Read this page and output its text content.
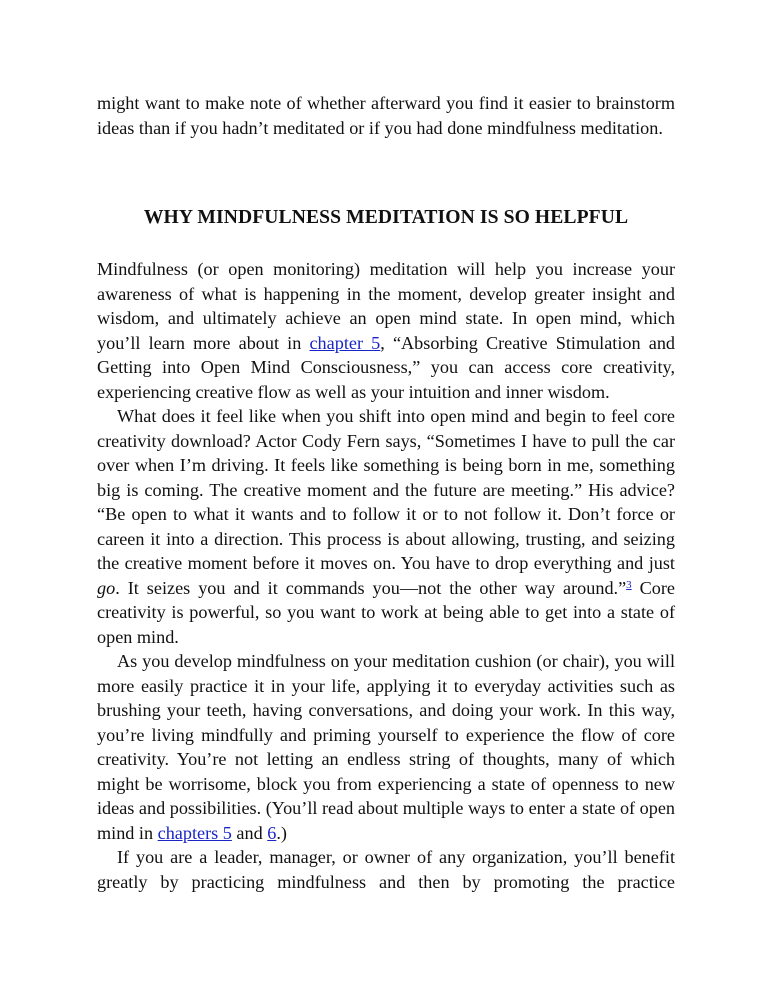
might want to make note of whether afterward you find it easier to brainstorm ideas than if you hadn’t meditated or if you had done mindfulness meditation.

WHY MINDFULNESS MEDITATION IS SO HELPFUL

Mindfulness (or open monitoring) meditation will help you increase your awareness of what is happening in the moment, develop greater insight and wisdom, and ultimately achieve an open mind state. In open mind, which you’ll learn more about in chapter 5, “Absorbing Creative Stimulation and Getting into Open Mind Consciousness,” you can access core creativity, experiencing creative flow as well as your intuition and inner wisdom.

What does it feel like when you shift into open mind and begin to feel core creativity download? Actor Cody Fern says, “Sometimes I have to pull the car over when I’m driving. It feels like something is being born in me, something big is coming. The creative moment and the future are meeting.” His advice? “Be open to what it wants and to follow it or to not follow it. Don’t force or careen it into a direction. This process is about allowing, trusting, and seizing the creative moment before it moves on. You have to drop everything and just go. It seizes you and it commands you—not the other way around.”$^3$ Core creativity is powerful, so you want to work at being able to get into a state of open mind.

As you develop mindfulness on your meditation cushion (or chair), you will more easily practice it in your life, applying it to everyday activities such as brushing your teeth, having conversations, and doing your work. In this way, you’re living mindfully and priming yourself to experience the flow of core creativity. You’re not letting an endless string of thoughts, many of which might be worrisome, block you from experiencing a state of openness to new ideas and possibilities. (You’ll read about multiple ways to enter a state of open mind in chapters 5 and 6.)

If you are a leader, manager, or owner of any organization, you’ll benefit greatly by practicing mindfulness and then by promoting the practice
